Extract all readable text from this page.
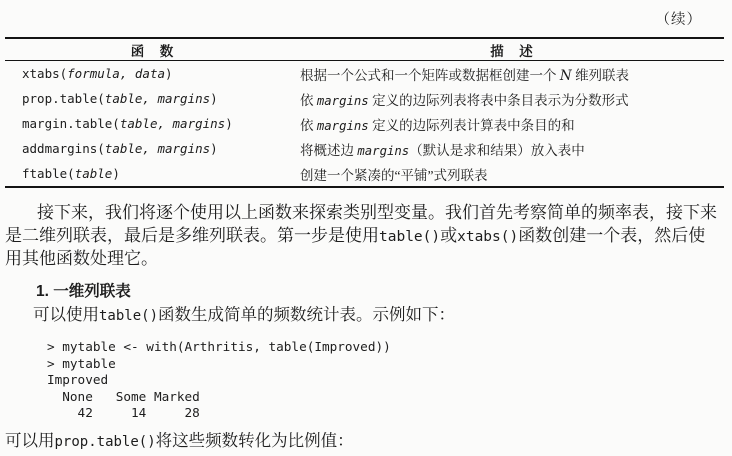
（续）
函　数	描　述
xtabs(formula, data)	根据一个公式和一个矩阵或数据框创建一个 N 维列联表
prop.table(table, margins)	依 margins 定义的边际列表将表中条目表示为分数形式
margin.table(table, margins)	依 margins 定义的边际列表计算表中条目的和
addmargins(table, margins)	将概述边 margins（默认是求和结果）放入表中
ftable(table)	创建一个紧凑的“平铺”式列联表

接下来，我们将逐个使用以上函数来探索类别型变量。我们首先考察简单的频率表，接下来
是二维列联表，最后是多维列联表。第一步是使用table()或xtabs()函数创建一个表，然后使
用其他函数处理它。

1. 一维列联表

可以使用table()函数生成简单的频数统计表。示例如下：

> mytable <- with(Arthritis, table(Improved))
> mytable
Improved
None   Some Marked
42     14     28

可以用prop.table()将这些频数转化为比例值：
